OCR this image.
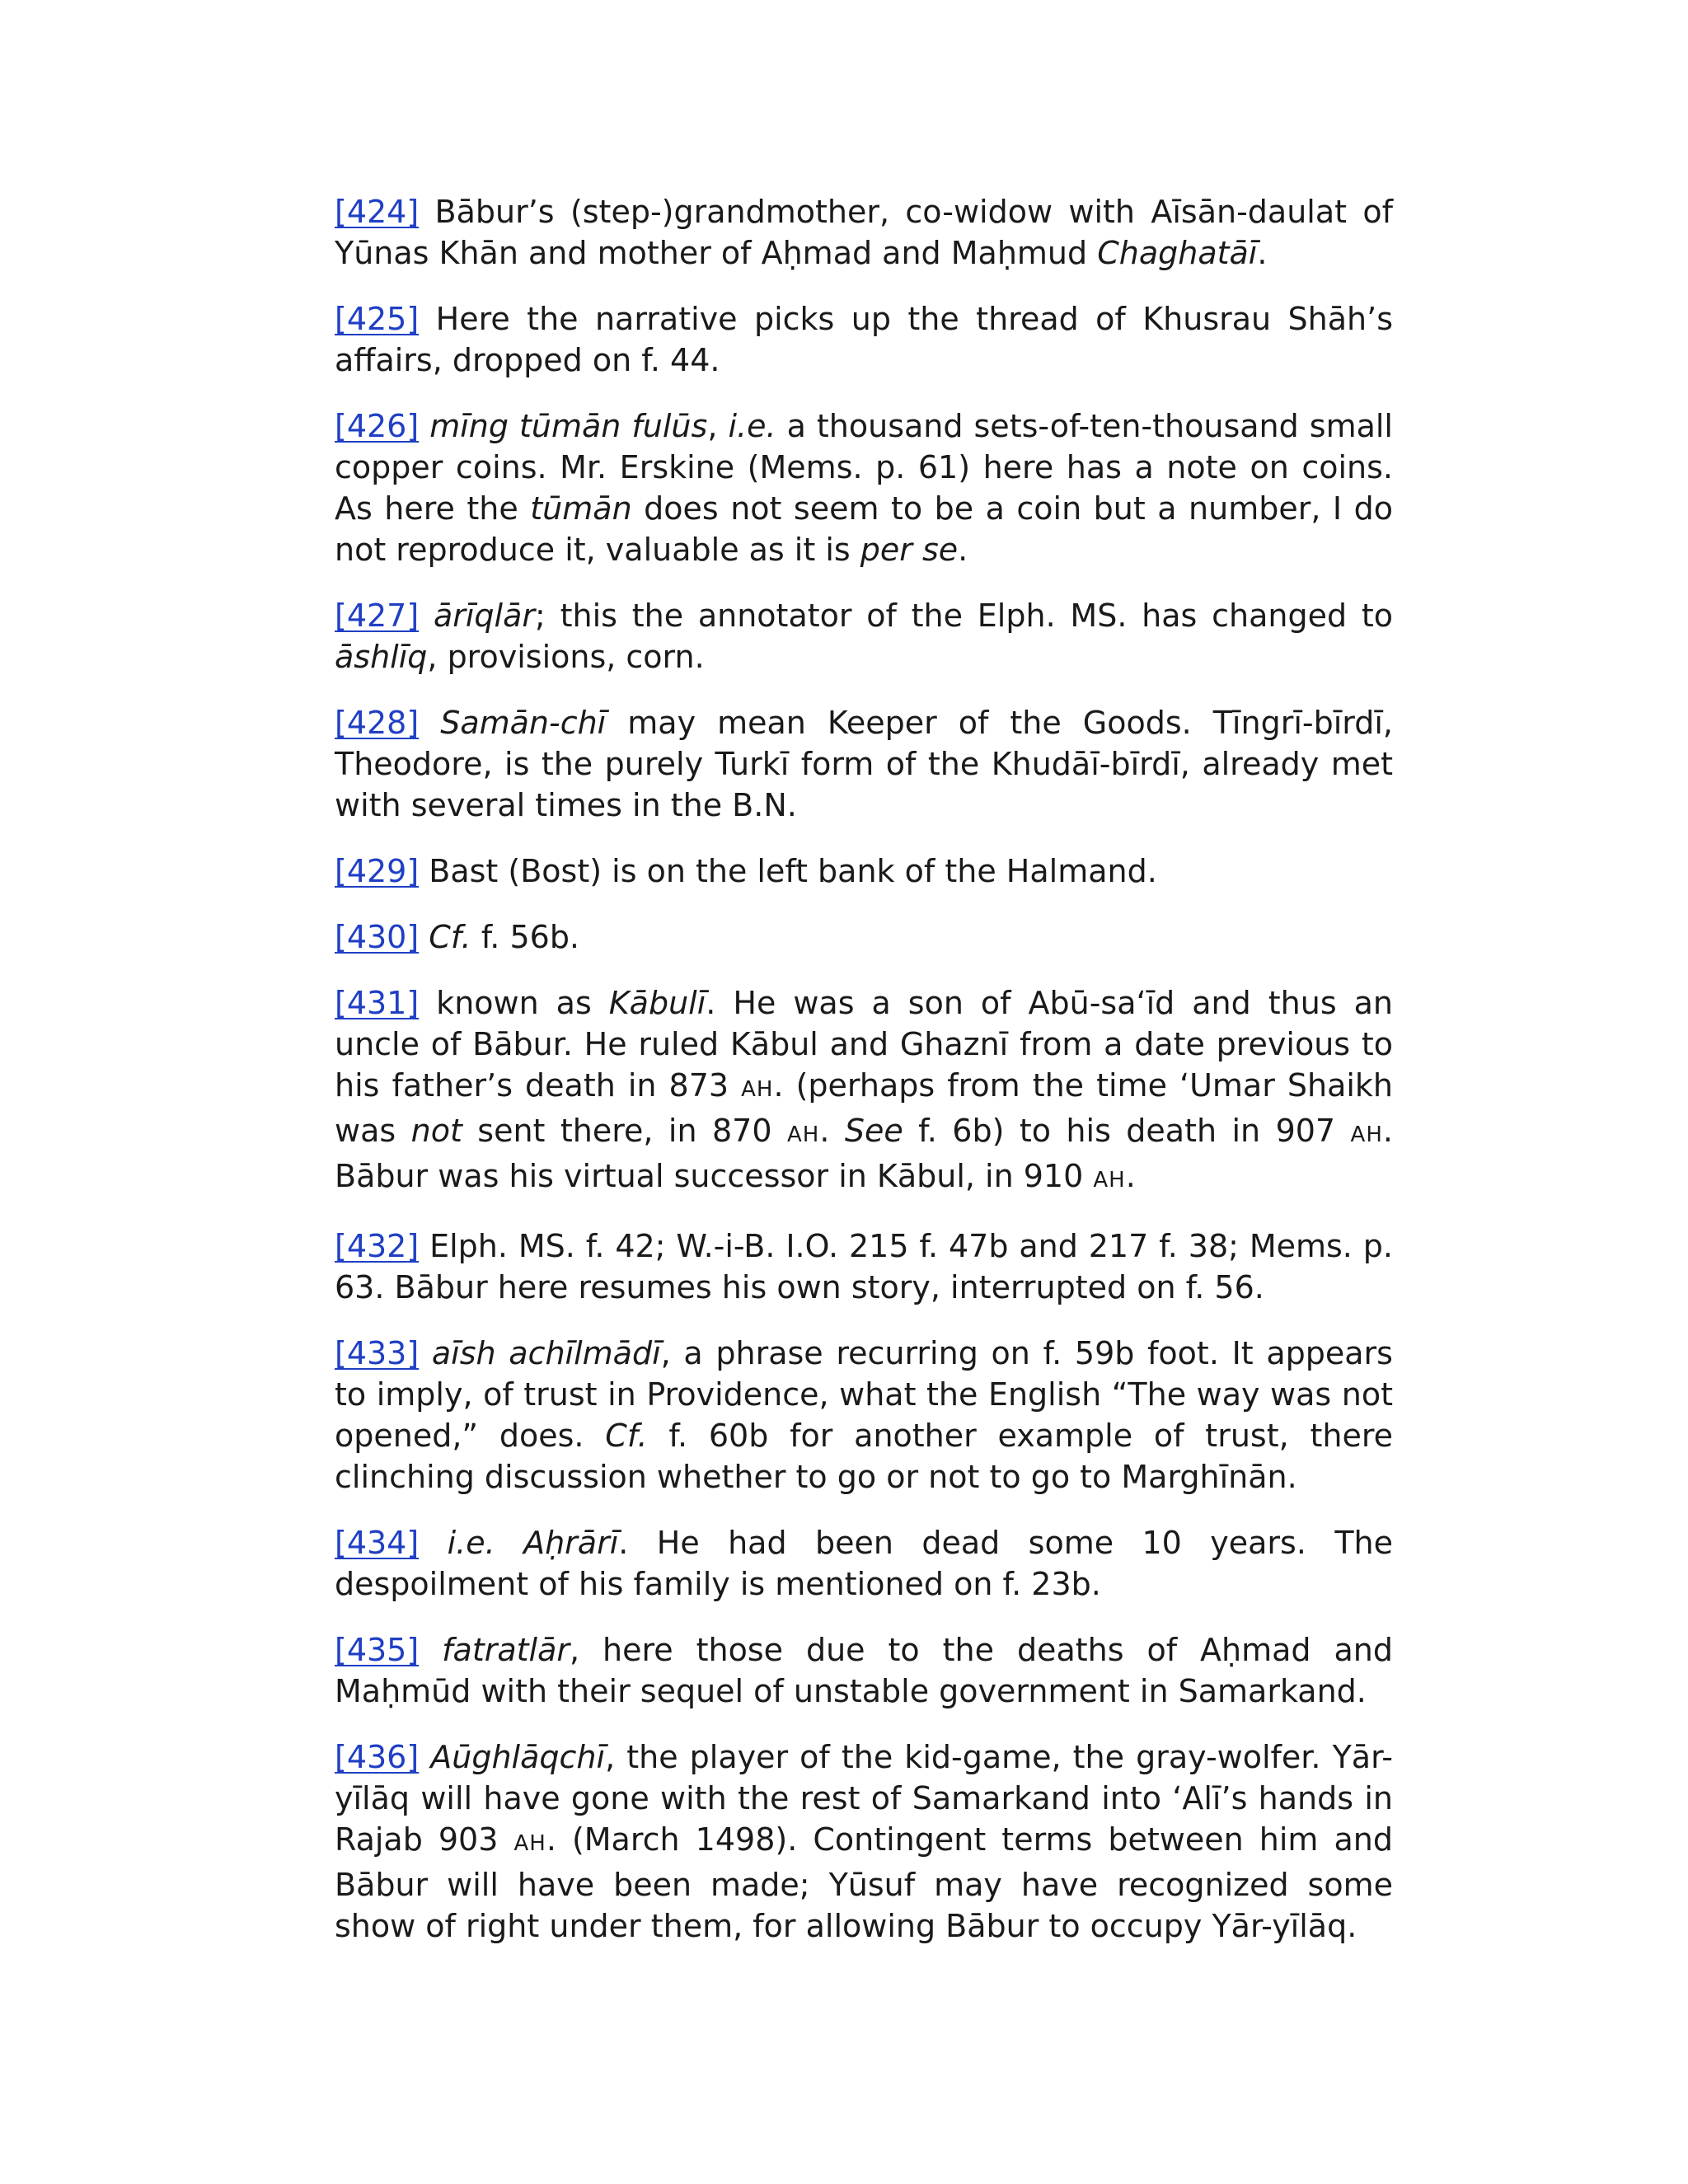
[424] Bābur’s (step-)grandmother, co-widow with Aīsān-daulat of Yūnas Khān and mother of Aḥmad and Maḥmud Chaghatāī.

[425] Here the narrative picks up the thread of Khusrau Shāh’s affairs, dropped on f. 44.

[426] mīng tūmān fulūs, i.e. a thousand sets-of-ten-thousand small copper coins. Mr. Erskine (Mems. p. 61) here has a note on coins. As here the tūmān does not seem to be a coin but a number, I do not reproduce it, valuable as it is per se.

[427] ārīqlār; this the annotator of the Elph. MS. has changed to āshlīq, provisions, corn.

[428] Samān-chī may mean Keeper of the Goods. Tīngrī-bīrdī, Theodore, is the purely Turkī form of the Khudāī-bīrdī, already met with several times in the B.N.

[429] Bast (Bost) is on the left bank of the Halmand.

[430] Cf. f. 56b.

[431] known as Kābulī. He was a son of Abū-sa‘īd and thus an uncle of Bābur. He ruled Kābul and Ghaznī from a date previous to his father’s death in 873 AH. (perhaps from the time ‘Umar Shaikh was not sent there, in 870 AH. See f. 6b) to his death in 907 AH. Bābur was his virtual successor in Kābul, in 910 AH.

[432] Elph. MS. f. 42; W.-i-B. I.O. 215 f. 47b and 217 f. 38; Mems. p. 63. Bābur here resumes his own story, interrupted on f. 56.

[433] aīsh achīlmādī, a phrase recurring on f. 59b foot. It appears to imply, of trust in Providence, what the English “The way was not opened,” does. Cf. f. 60b for another example of trust, there clinching discussion whether to go or not to go to Marghīnān.

[434] i.e. Aḥrārī. He had been dead some 10 years. The despoilment of his family is mentioned on f. 23b.

[435] fatratlār, here those due to the deaths of Aḥmad and Maḥmūd with their sequel of unstable government in Samarkand.

[436] Aūghlāqchī, the player of the kid-game, the gray-wolfer. Yār-yīlāq will have gone with the rest of Samarkand into ‘Alī’s hands in Rajab 903 AH. (March 1498). Contingent terms between him and Bābur will have been made; Yūsuf may have recognized some show of right under them, for allowing Bābur to occupy Yār-yīlāq.
